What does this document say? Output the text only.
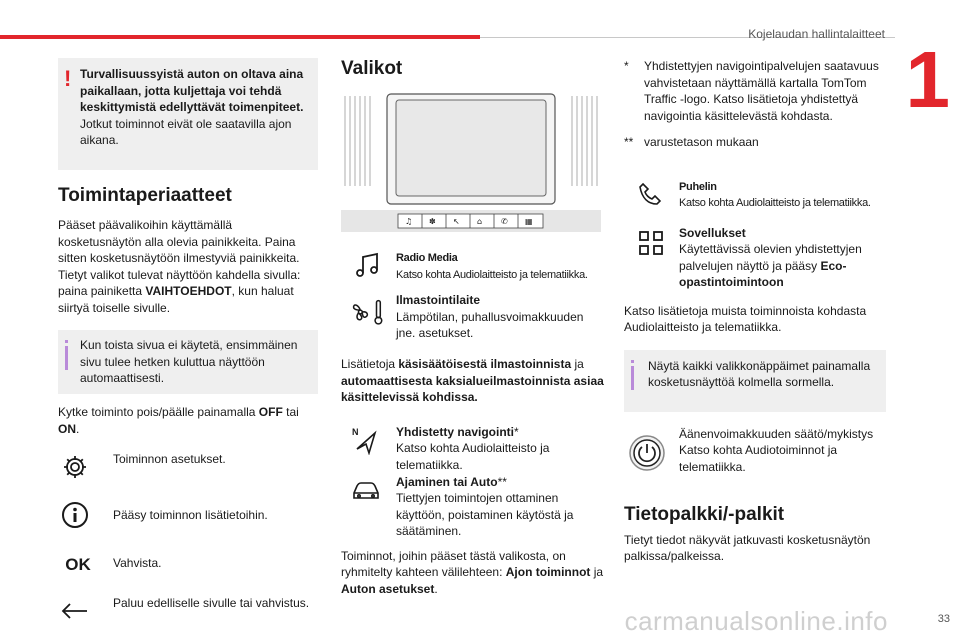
Kojelaudan hallintalaitteet
1
carmanualsonline.info	33
! Turvallisuussyistä auton on oltava aina paikallaan, jotta kuljettaja voi tehdä keskittymistä edellyttävät toimenpiteet.
Jotkut toiminnot eivät ole saatavilla ajon aikana.
Toimintaperiaatteet

Pääset päävalikoihin käyttämällä kosketusnäytön alla olevia painikkeita. Paina sitten kosketusnäytöön ilmestyviä painikkeita. Tietyt valikot tulevat näyttöön kahdella sivulla: paina painiketta VAIHTOEHDOT, kun haluat siirtyä toiselle sivulle.

Kun toista sivua ei käytetä, ensimmäinen sivu tulee hetken kuluttua näyttöön automaattisesti.

Kytke toiminto pois/päälle painamalla OFF tai ON.

Toiminnon asetukset.
Pääsy toiminnon lisätietoihin.
OK	Vahvista.
Paluu edelliselle sivulle tai vahvistus.
Valikot
♫ ✽ ↖ ⌂ ✆ ▦
Radio Media
Katso kohta Audiolaitteisto ja telematiikka.
Ilmastointilaite
Lämpötilan, puhallusvoimakkuuden jne. asetukset.

Lisätietoja käsisäätöisestä ilmastoinnista ja automaattisesta kaksialueilmastoinnista asiaa käsittelevissä kohdissa.

N	Yhdistetty navigointi*
Katso kohta Audiolaitteisto ja telematiikka.
Ajaminen tai Auto**
Tiettyjen toimintojen ottaminen käyttöön, poistaminen käytöstä ja säätäminen.

Toiminnot, joihin pääset tästä valikosta, on ryhmitelty kahteen välilehteen: Ajon toiminnot ja Auton asetukset.

* Yhdistettyjen navigointipalvelujen saatavuus vahvistetaan näyttämällä kartalla TomTom Traffic -logo. Katso lisätietoja yhdistettyä navigointia käsittelevästä kohdasta.
** varustetason mukaan
Puhelin
Katso kohta Audiolaitteisto ja telematiikka.
Sovellukset
Käytettävissä olevien yhdistettyjen palvelujen näyttö ja pääsy Eco-opastintoimintoon

Katso lisätietoja muista toiminnoista kohdasta Audiolaitteisto ja telematiikka.

Näytä kaikki valikkonäppäimet painamalla kosketusnäyttöä kolmella sormella.
Äänenvoimakkuuden säätö/mykistys Katso kohta Audiotoiminnot ja telematiikka.
Tietopalkki/-palkit

Tietyt tiedot näkyvät jatkuvasti kosketusnäytön palkissa/palkeissa.
